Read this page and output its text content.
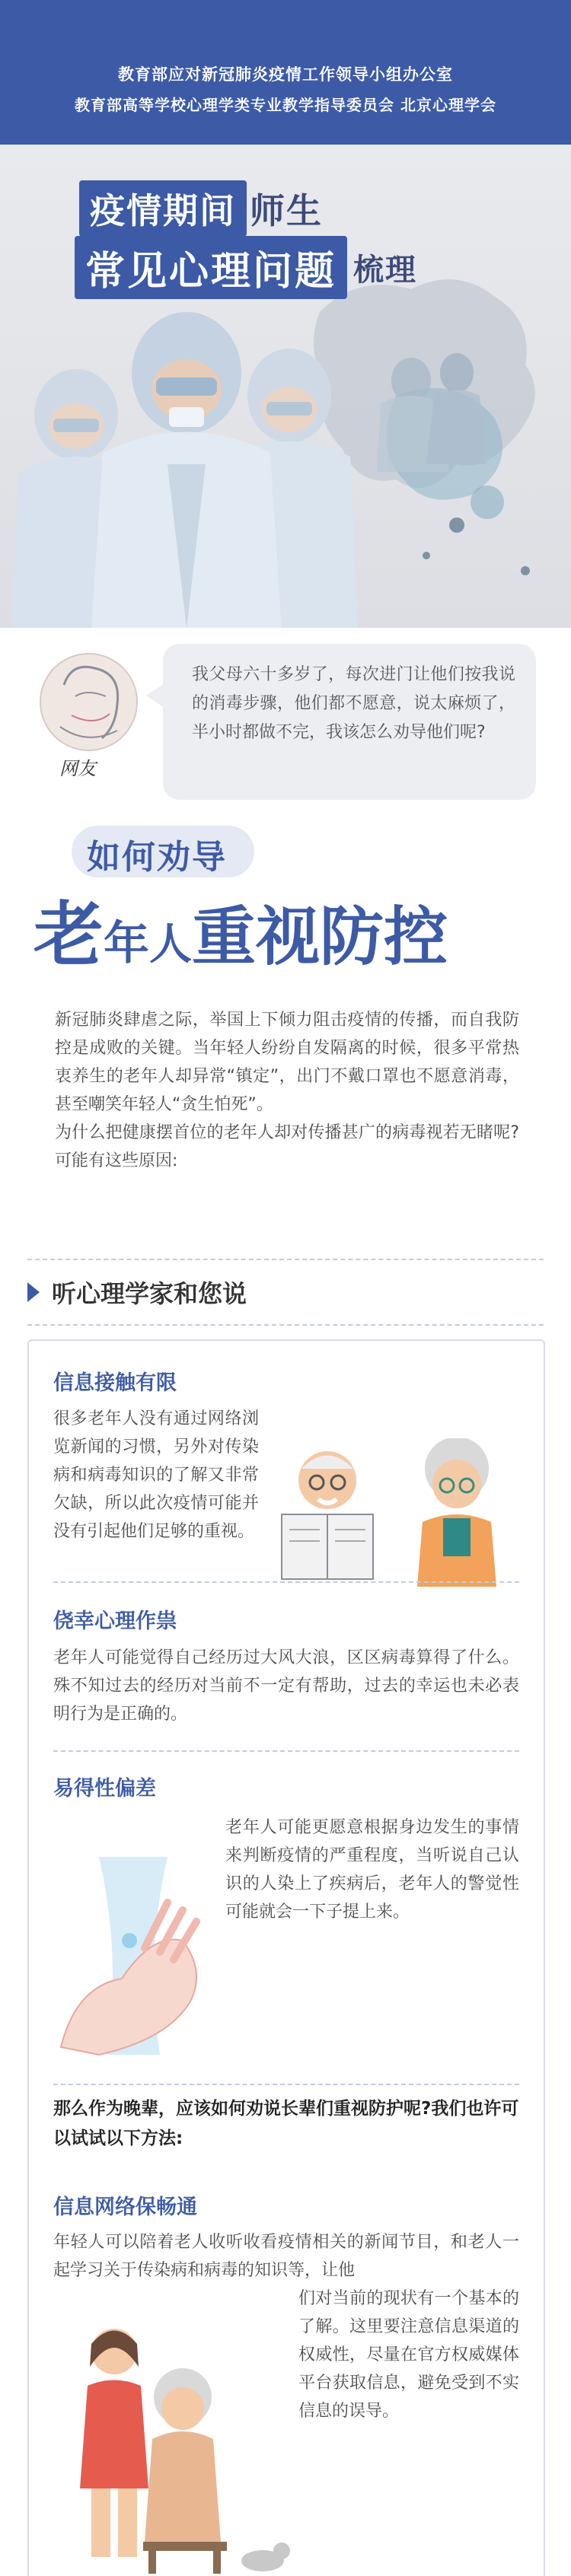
教育部应对新冠肺炎疫情工作领导小组办公室
教育部高等学校心理学类专业教学指导委员会 北京心理学会
疫情期间 师生
常见心理问题 梳理
网友

我父母六十多岁了，每次进门让他们按我说的消毒步骤，他们都不愿意，说太麻烦了，半小时都做不完，我该怎么劝导他们呢?

如何劝导
老年人重视防控

新冠肺炎肆虐之际，举国上下倾力阻击疫情的传播，而自我防控是成败的关键。当年轻人纷纷自发隔离的时候，很多平常热衷养生的老年人却异常“镇定”，出门不戴口罩也不愿意消毒，甚至嘲笑年轻人“贪生怕死”。

为什么把健康摆首位的老年人却对传播甚广的病毒视若无睹呢?可能有这些原因:

听心理学家和您说
信息接触有限
很多老年人没有通过网络浏览新闻的习惯，另外对传染病和病毒知识的了解又非常欠缺，所以此次疫情可能并没有引起他们足够的重视。
侥幸心理作祟
老年人可能觉得自己经历过大风大浪，区区病毒算得了什么。殊不知过去的经历对当前不一定有帮助，过去的幸运也未必表明行为是正确的。
易得性偏差
老年人可能更愿意根据身边发生的事情来判断疫情的严重程度，当听说自己认识的人染上了疾病后，老年人的警觉性可能就会一下子提上来。
那么作为晚辈，应该如何劝说长辈们重视防护呢?我们也许可以试试以下方法:
信息网络保畅通
年轻人可以陪着老人收听收看疫情相关的新闻节目，和老人一起学习关于传染病和病毒的知识等，让他
们对当前的现状有一个基本的了解。这里要注意信息渠道的权威性，尽量在官方权威媒体平台获取信息，避免受到不实信息的误导。
